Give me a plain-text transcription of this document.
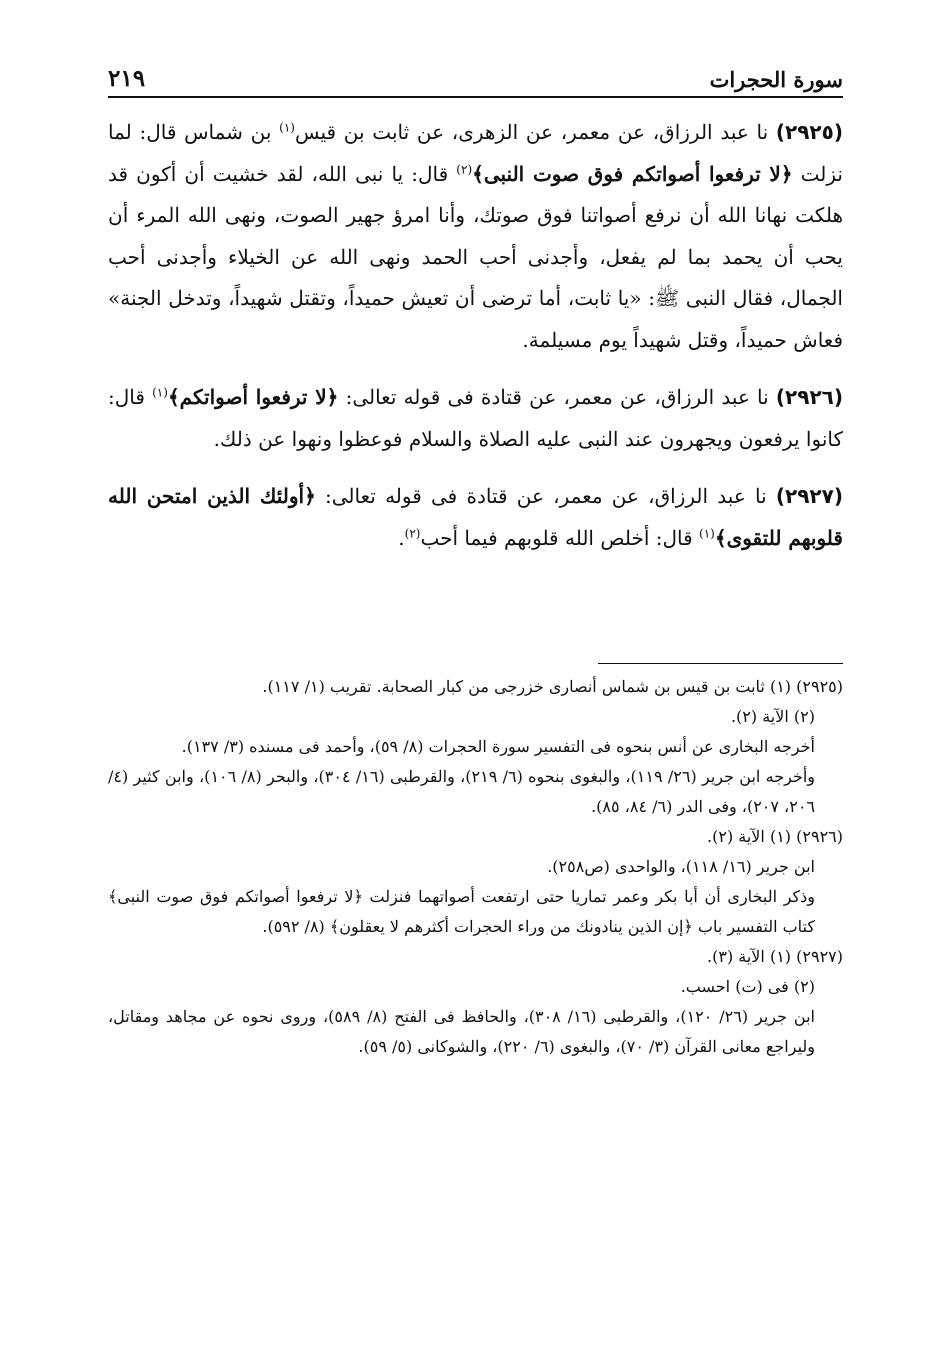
سورة الحجرات
٢١٩

(٢٩٢٥) نا عبد الرزاق، عن معمر، عن الزهرى، عن ثابت بن قيس$^{(١)}$ بن شماس قال: لما نزلت ﴿لا ترفعوا أصواتكم فوق صوت النبى﴾$^{(٢)}$ قال: يا نبى الله، لقد خشيت أن أكون قد هلكت نهانا الله أن نرفع أصواتنا فوق صوتك، وأنا امرؤ جهير الصوت، ونهى الله المرء أن يحب أن يحمد بما لم يفعل، وأجدنى أحب الحمد ونهى الله عن الخيلاء وأجدنى أحب الجمال، فقال النبى ﷺ: «يا ثابت، أما ترضى أن تعيش حميداً، وتقتل شهيداً، وتدخل الجنة» فعاش حميداً، وقتل شهيداً يوم مسيلمة.

(٢٩٢٦) نا عبد الرزاق، عن معمر، عن قتادة فى قوله تعالى: ﴿لا ترفعوا أصواتكم﴾$^{(١)}$ قال: كانوا يرفعون ويجهرون عند النبى عليه الصلاة والسلام فوعظوا ونهوا عن ذلك.

(٢٩٢٧) نا عبد الرزاق، عن معمر، عن قتادة فى قوله تعالى: ﴿أولئك الذين امتحن الله قلوبهم للتقوى﴾$^{(١)}$ قال: أخلص الله قلوبهم فيما أحب$^{(٢)}$.

(٢٩٢٥) (١) ثابت بن قيس بن شماس أنصارى خزرجى من كبار الصحابة. تقريب (١/ ١١٧).

(٢) الآية (٢).

أخرجه البخارى عن أنس بنحوه فى التفسير سورة الحجرات (٨/ ٥٩)، وأحمد فى مسنده (٣/ ١٣٧).

وأخرجه ابن جرير (٢٦/ ١١٩)، والبغوى بنحوه (٦/ ٢١٩)، والقرطبى (١٦/ ٣٠٤)، والبحر (٨/ ١٠٦)، وابن كثير (٤/ ٢٠٦، ٢٠٧)، وفى الدر (٦/ ٨٤، ٨٥).

(٢٩٢٦) (١) الآية (٢).

ابن جرير (١٦/ ١١٨)، والواحدى (ص٢٥٨).

وذكر البخارى أن أبا بكر وعمر تماريا حتى ارتفعت أصواتهما فنزلت ﴿لا ترفعوا أصواتكم فوق صوت النبى﴾ كتاب التفسير باب ﴿إن الذين ينادونك من وراء الحجرات أكثرهم لا يعقلون﴾ (٨/ ٥٩٢).

(٢٩٢٧) (١) الآية (٣).

(٢) فى (ت) احسب.

ابن جرير (٢٦/ ١٢٠)، والقرطبى (١٦/ ٣٠٨)، والحافظ فى الفتح (٨/ ٥٨٩)، وروى نحوه عن مجاهد ومقاتل، وليراجع معانى القرآن (٣/ ٧٠)، والبغوى (٦/ ٢٢٠)، والشوكانى (٥/ ٥٩).
